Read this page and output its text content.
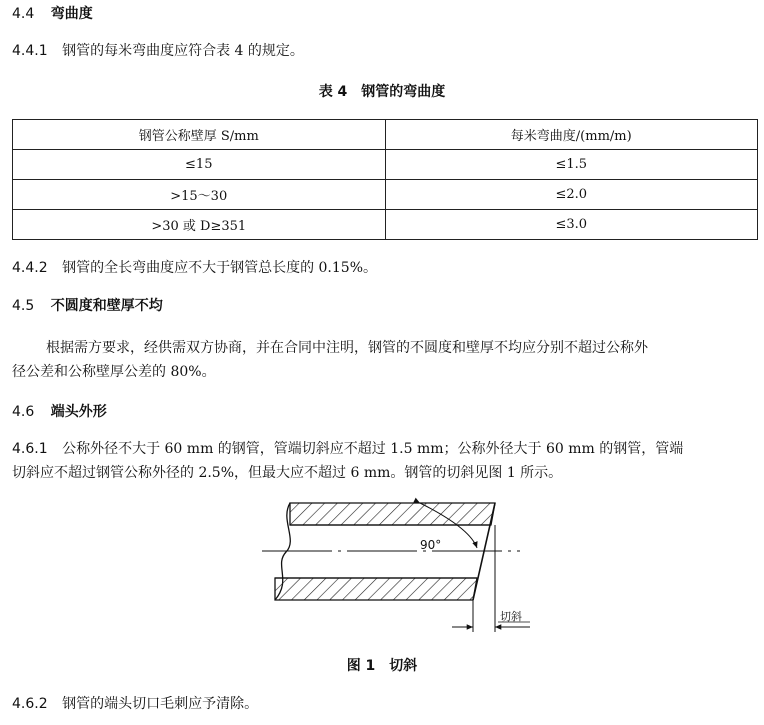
4.4 弯曲度
4.4.1 钢管的每米弯曲度应符合表 4 的规定。
表 4　钢管的弯曲度
钢管公称壁厚 S/mm	每米弯曲度/(mm/m)
≤15	≤1.5
>15～30	≤2.0
>30 或 D≥351	≤3.0
4.4.2 钢管的全长弯曲度应不大于钢管总长度的 0.15%。
4.5 不圆度和壁厚不均
根据需方要求，经供需双方协商，并在合同中注明，钢管的不圆度和壁厚不均应分别不超过公称外
径公差和公称壁厚公差的 80%。
4.6 端头外形
4.6.1 公称外径不大于 60 mm 的钢管，管端切斜应不超过 1.5 mm；公称外径大于 60 mm 的钢管，管端
切斜应不超过钢管公称外径的 2.5%，但最大应不超过 6 mm。钢管的切斜见图 1 所示。
90°
切斜
图 1　切斜
4.6.2 钢管的端头切口毛刺应予清除。
